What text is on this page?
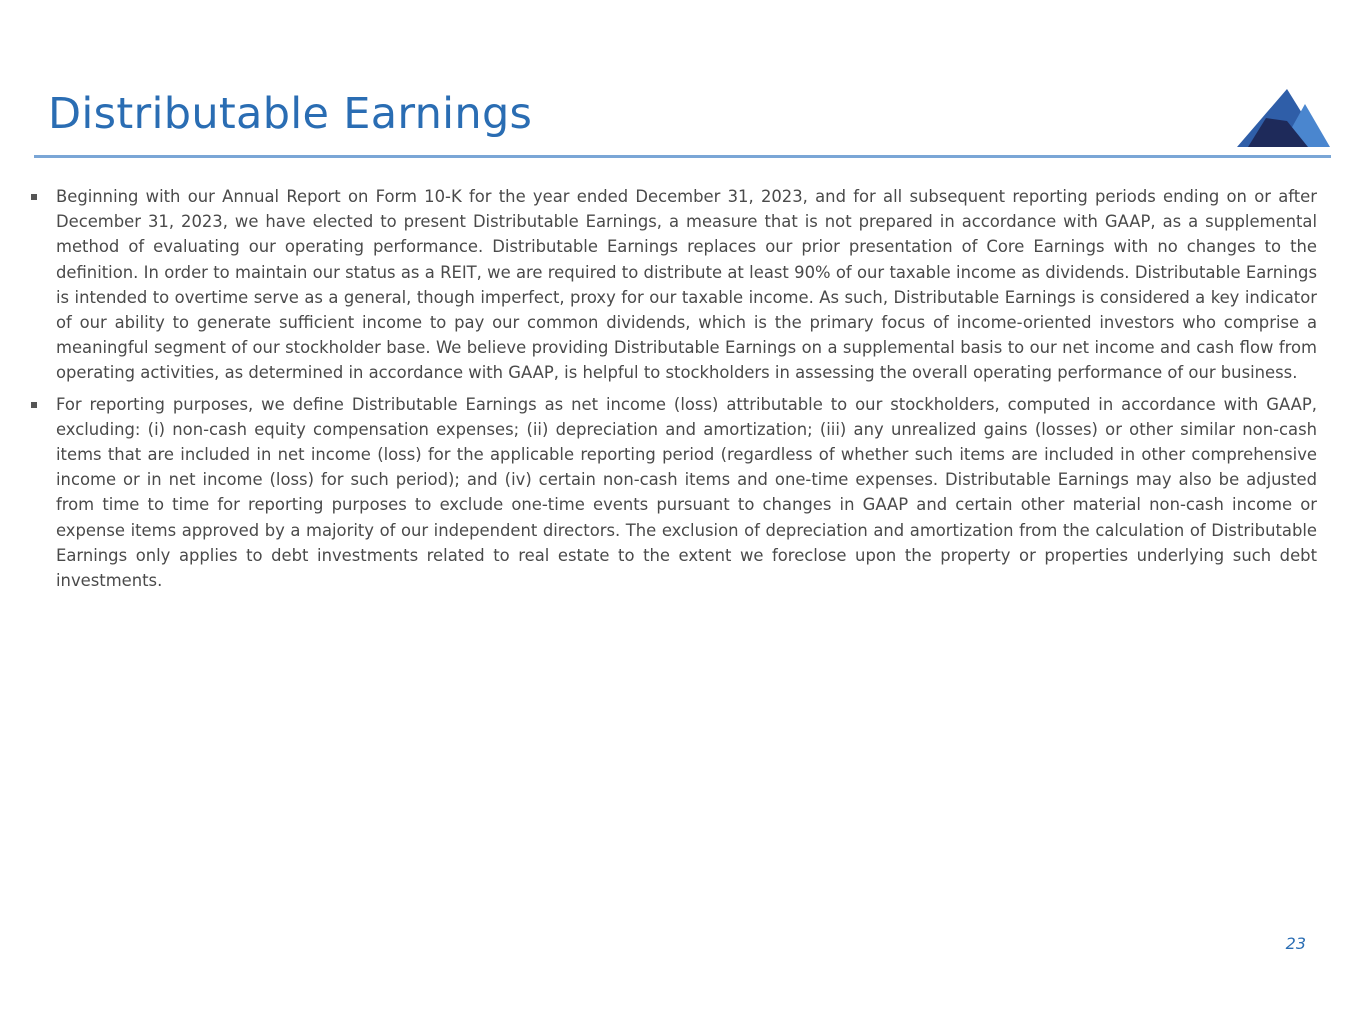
Distributable Earnings
Beginning with our Annual Report on Form 10-K for the year ended December 31, 2023, and for all subsequent reporting periods ending on or after December 31, 2023, we have elected to present Distributable Earnings, a measure that is not prepared in accordance with GAAP, as a supplemental method of evaluating our operating performance. Distributable Earnings replaces our prior presentation of Core Earnings with no changes to the definition. In order to maintain our status as a REIT, we are required to distribute at least 90% of our taxable income as dividends. Distributable Earnings is intended to overtime serve as a general, though imperfect, proxy for our taxable income. As such, Distributable Earnings is considered a key indicator of our ability to generate sufficient income to pay our common dividends, which is the primary focus of income-oriented investors who comprise a meaningful segment of our stockholder base. We believe providing Distributable Earnings on a supplemental basis to our net income and cash flow from operating activities, as determined in accordance with GAAP, is helpful to stockholders in assessing the overall operating performance of our business.
For reporting purposes, we define Distributable Earnings as net income (loss) attributable to our stockholders, computed in accordance with GAAP, excluding: (i) non-cash equity compensation expenses; (ii) depreciation and amortization; (iii) any unrealized gains (losses) or other similar non-cash items that are included in net income (loss) for the applicable reporting period (regardless of whether such items are included in other comprehensive income or in net income (loss) for such period); and (iv) certain non-cash items and one-time expenses. Distributable Earnings may also be adjusted from time to time for reporting purposes to exclude one-time events pursuant to changes in GAAP and certain other material non-cash income or expense items approved by a majority of our independent directors. The exclusion of depreciation and amortization from the calculation of Distributable Earnings only applies to debt investments related to real estate to the extent we foreclose upon the property or properties underlying such debt investments.
23
